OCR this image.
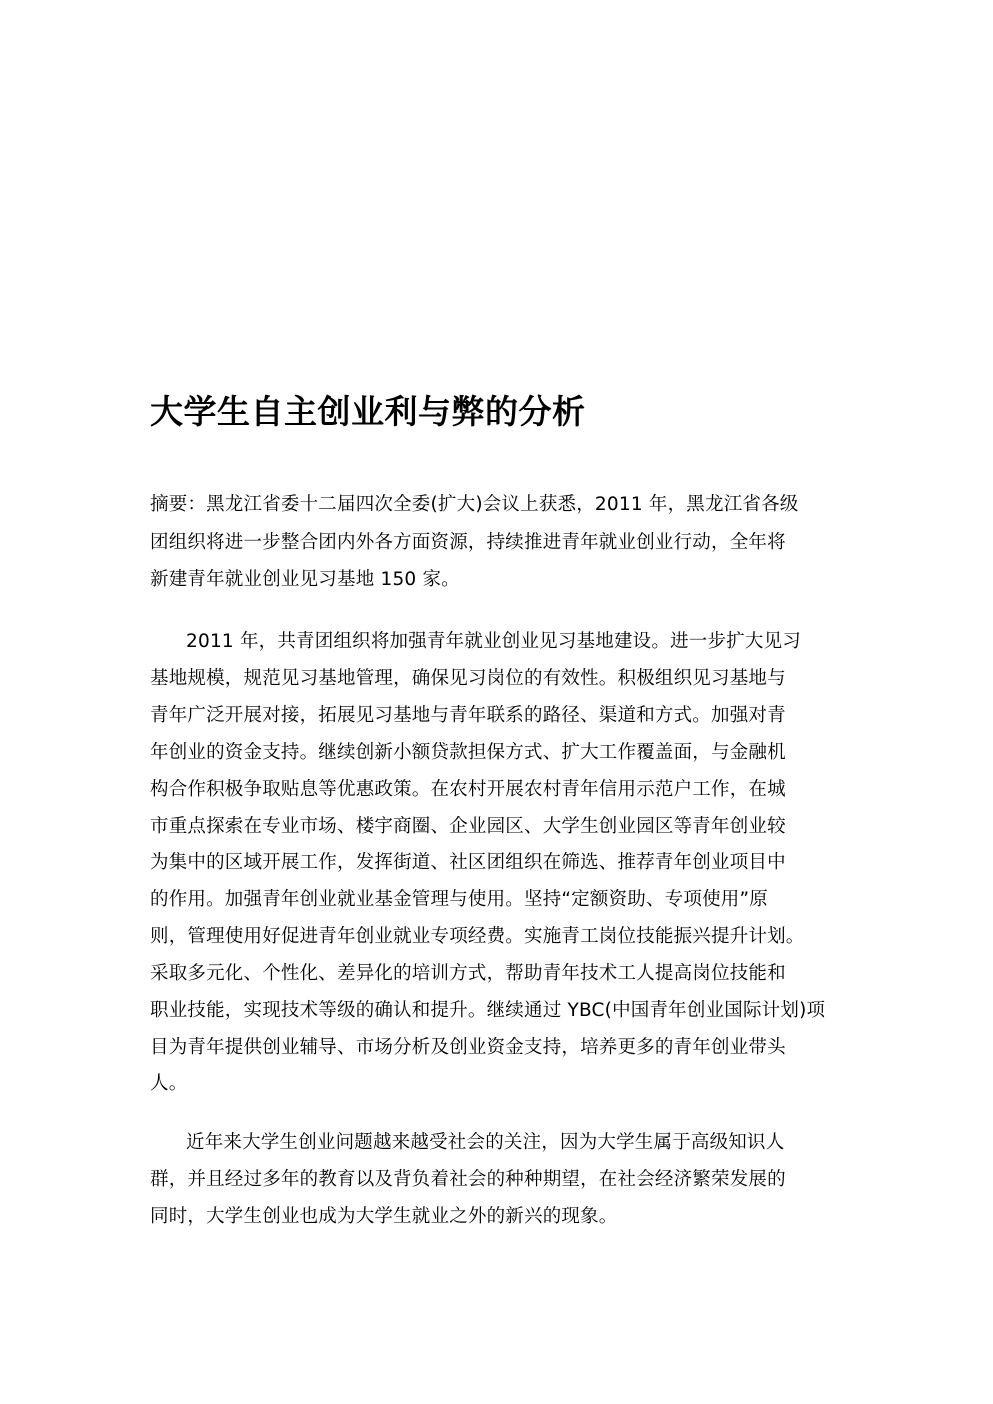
大学生自主创业利与弊的分析
摘要：黑龙江省委十二届四次全委(扩大)会议上获悉，2011 年，黑龙江省各级
团组织将进一步整合团内外各方面资源，持续推进青年就业创业行动，全年将
新建青年就业创业见习基地 150 家。
2011 年，共青团组织将加强青年就业创业见习基地建设。进一步扩大见习
基地规模，规范见习基地管理，确保见习岗位的有效性。积极组织见习基地与
青年广泛开展对接，拓展见习基地与青年联系的路径、渠道和方式。加强对青
年创业的资金支持。继续创新小额贷款担保方式、扩大工作覆盖面，与金融机
构合作积极争取贴息等优惠政策。在农村开展农村青年信用示范户工作，在城
市重点探索在专业市场、楼宇商圈、企业园区、大学生创业园区等青年创业较
为集中的区域开展工作，发挥街道、社区团组织在筛选、推荐青年创业项目中
的作用。加强青年创业就业基金管理与使用。坚持“定额资助、专项使用”原
则，管理使用好促进青年创业就业专项经费。实施青工岗位技能振兴提升计划。
采取多元化、个性化、差异化的培训方式，帮助青年技术工人提高岗位技能和
职业技能，实现技术等级的确认和提升。继续通过 YBC(中国青年创业国际计划)项
目为青年提供创业辅导、市场分析及创业资金支持，培养更多的青年创业带头
人。
近年来大学生创业问题越来越受社会的关注，因为大学生属于高级知识人
群，并且经过多年的教育以及背负着社会的种种期望，在社会经济繁荣发展的
同时，大学生创业也成为大学生就业之外的新兴的现象。
